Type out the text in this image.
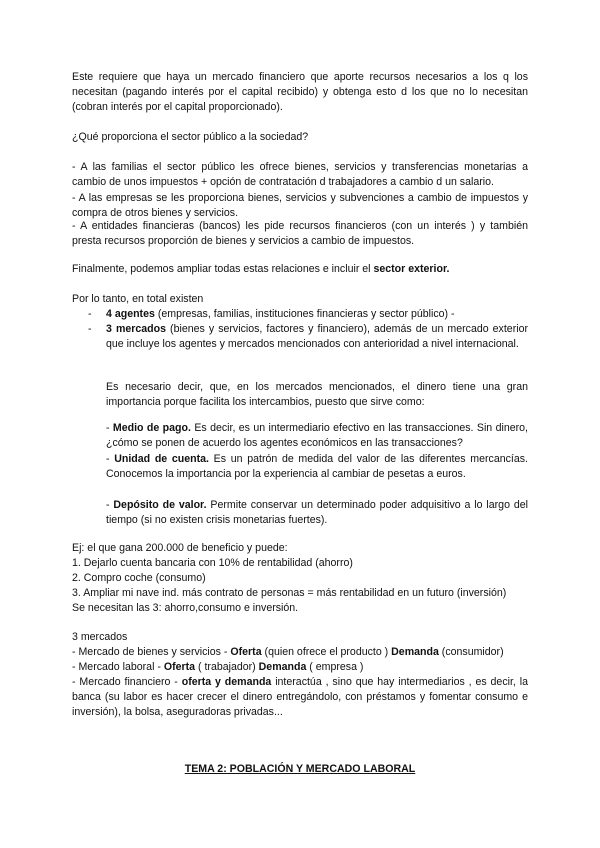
Este requiere que haya un mercado financiero que aporte recursos necesarios a los q los necesitan (pagando interés por el capital recibido) y obtenga esto d los que no lo necesitan (cobran interés por el capital proporcionado).

¿Qué proporciona el sector público a la sociedad?

- A las familias el sector público les ofrece bienes, servicios y transferencias monetarias a cambio de unos impuestos + opción de contratación d trabajadores a cambio d un salario.

- A las empresas se les proporciona bienes, servicios y subvenciones a cambio de impuestos y compra de otros bienes y servicios.

- A entidades financieras (bancos) les pide recursos financieros (con un interés ) y también presta recursos proporción de bienes y servicios a cambio de impuestos.

Finalmente, podemos ampliar todas estas relaciones e incluir el sector exterior.

Por lo tanto, en total existen

- 4 agentes (empresas, familias, instituciones financieras y sector público) -

- 3 mercados (bienes y servicios, factores y financiero), además de un mercado exterior que incluye los agentes y mercados mencionados con anterioridad a nivel internacional.

Es necesario decir, que, en los mercados mencionados, el dinero tiene una gran importancia porque facilita los intercambios, puesto que sirve como:

- Medio de pago. Es decir, es un intermediario efectivo en las transacciones. Sin dinero, ¿cómo se ponen de acuerdo los agentes económicos en las transacciones?

- Unidad de cuenta. Es un patrón de medida del valor de las diferentes mercancías. Conocemos la importancia por la experiencia al cambiar de pesetas a euros.

- Depósito de valor. Permite conservar un determinado poder adquisitivo a lo largo del tiempo (si no existen crisis monetarias fuertes).

Ej: el que gana 200.000 de beneficio y puede:

1. Dejarlo cuenta bancaria con 10% de rentabilidad (ahorro)

2. Compro coche (consumo)

3. Ampliar mi nave ind. más contrato de personas = más rentabilidad en un futuro (inversión)

Se necesitan las 3: ahorro,consumo e inversión.

3 mercados

- Mercado de bienes y servicios - Oferta (quien ofrece el producto ) Demanda (consumidor)

- Mercado laboral - Oferta ( trabajador) Demanda ( empresa )

- Mercado financiero - oferta y demanda interactúa , sino que hay intermediarios , es decir, la banca (su labor es hacer crecer el dinero entregándolo, con préstamos y fomentar consumo e inversión), la bolsa, aseguradoras privadas...

TEMA 2: POBLACIÓN Y MERCADO LABORAL
